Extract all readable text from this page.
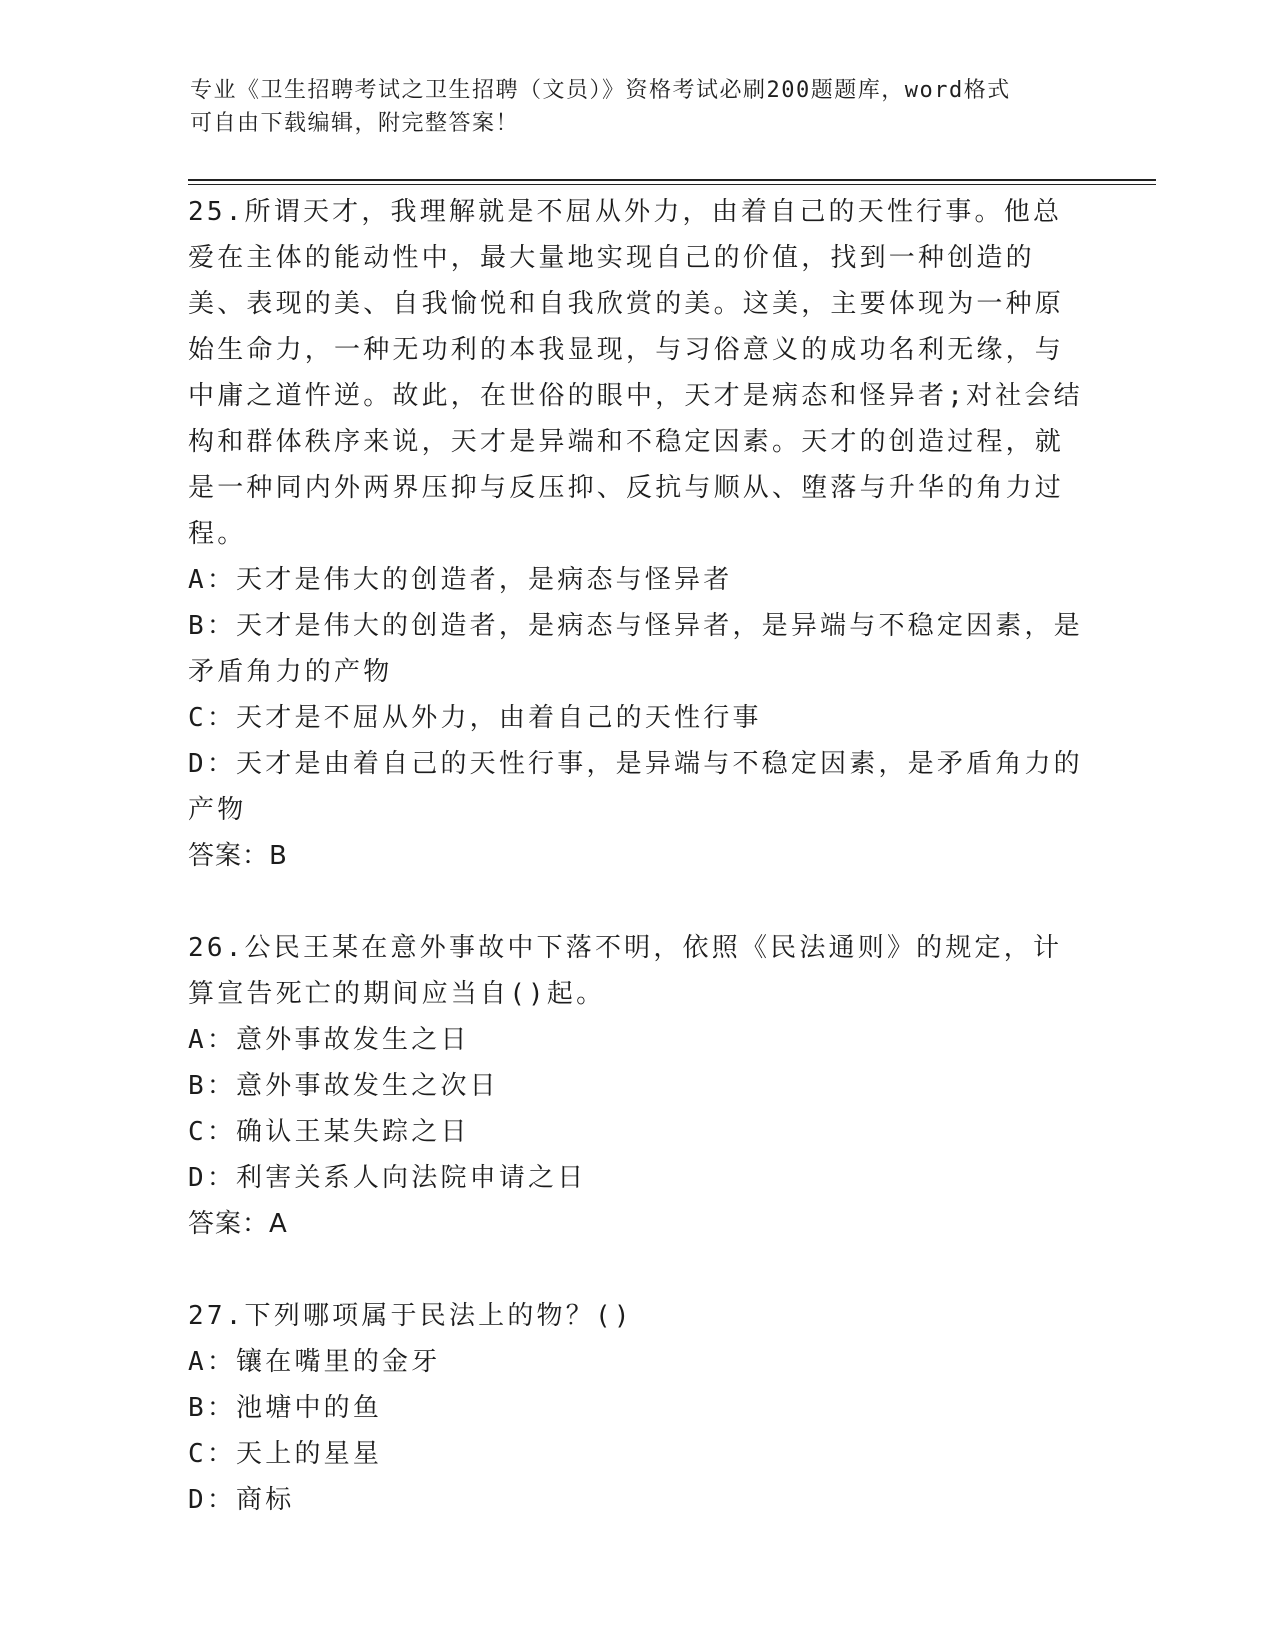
专业《卫生招聘考试之卫生招聘（文员）》资格考试必刷200题题库，word格式
可自由下载编辑，附完整答案！

25.所谓天才，我理解就是不屈从外力，由着自己的天性行事。他总爱在主体的能动性中，最大量地实现自己的价值，找到一种创造的美、表现的美、自我愉悦和自我欣赏的美。这美，主要体现为一种原始生命力，一种无功利的本我显现，与习俗意义的成功名利无缘，与中庸之道忤逆。故此，在世俗的眼中，天才是病态和怪异者;对社会结构和群体秩序来说，天才是异端和不稳定因素。天才的创造过程，就是一种同内外两界压抑与反压抑、反抗与顺从、堕落与升华的角力过程。

A：天才是伟大的创造者，是病态与怪异者

B：天才是伟大的创造者，是病态与怪异者，是异端与不稳定因素，是矛盾角力的产物

C：天才是不屈从外力，由着自己的天性行事

D：天才是由着自己的天性行事，是异端与不稳定因素，是矛盾角力的产物

答案：B

26.公民王某在意外事故中下落不明，依照《民法通则》的规定，计算宣告死亡的期间应当自()起。

A：意外事故发生之日

B：意外事故发生之次日

C：确认王某失踪之日

D：利害关系人向法院申请之日

答案：A

27.下列哪项属于民法上的物？()

A：镶在嘴里的金牙

B：池塘中的鱼

C：天上的星星

D：商标
